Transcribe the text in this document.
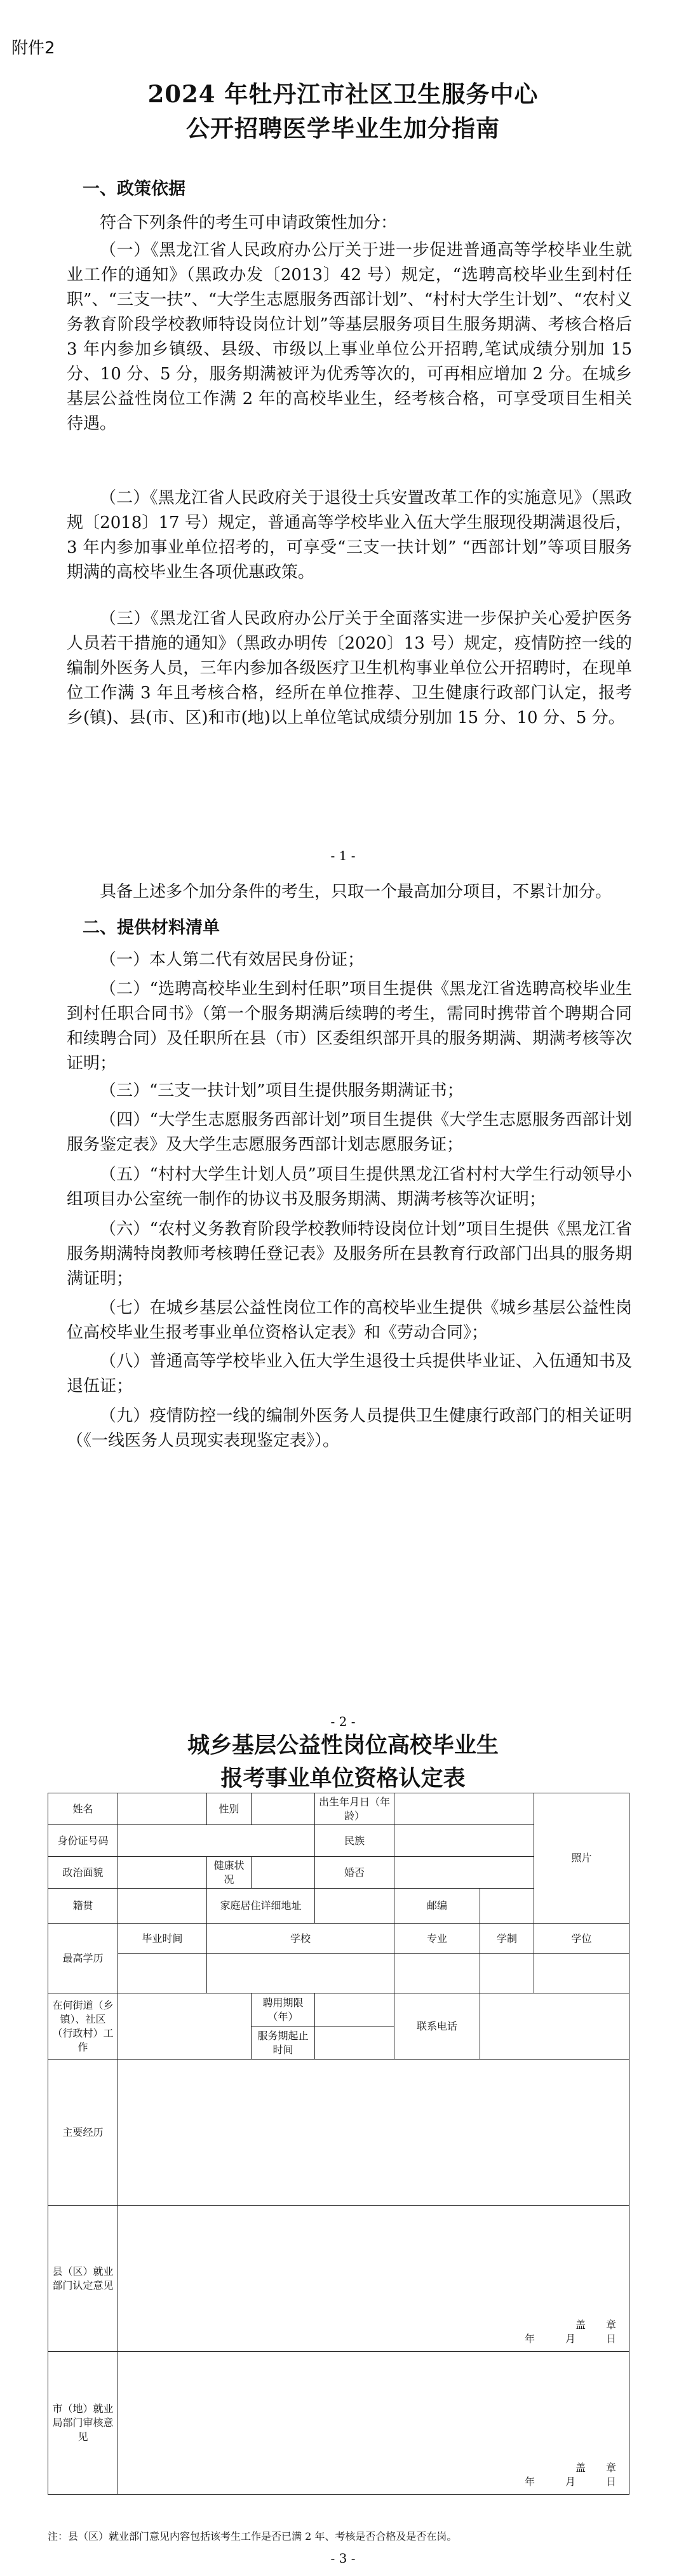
附件2
2024 年牡丹江市社区卫生服务中心
公开招聘医学毕业生加分指南
一、政策依据

符合下列条件的考生可申请政策性加分：

（一）《黑龙江省人民政府办公厅关于进一步促进普通高等学校毕业生就业工作的通知》（黑政办发〔2013〕42 号）规定，“选聘高校毕业生到村任职”、“三支一扶”、“大学生志愿服务西部计划”、“村村大学生计划”、“农村义务教育阶段学校教师特设岗位计划”等基层服务项目生服务期满、考核合格后 3 年内参加乡镇级、县级、市级以上事业单位公开招聘,笔试成绩分别加 15 分、10 分、5 分，服务期满被评为优秀等次的，可再相应增加 2 分。在城乡基层公益性岗位工作满 2 年的高校毕业生，经考核合格，可享受项目生相关待遇。

（二）《黑龙江省人民政府关于退役士兵安置改革工作的实施意见》（黑政规〔2018〕17 号）规定，普通高等学校毕业入伍大学生服现役期满退役后，3 年内参加事业单位招考的，可享受“三支一扶计划” “西部计划”等项目服务期满的高校毕业生各项优惠政策。

（三）《黑龙江省人民政府办公厅关于全面落实进一步保护关心爱护医务人员若干措施的通知》（黑政办明传〔2020〕13 号）规定，疫情防控一线的编制外医务人员，三年内参加各级医疗卫生机构事业单位公开招聘时，在现单位工作满 3 年且考核合格，经所在单位推荐、卫生健康行政部门认定，报考乡(镇)、县(市、区)和市(地)以上单位笔试成绩分别加 15 分、10 分、5 分。

- 1 -

具备上述多个加分条件的考生，只取一个最高加分项目，不累计加分。

二、提供材料清单

（一）本人第二代有效居民身份证；

（二）“选聘高校毕业生到村任职”项目生提供《黑龙江省选聘高校毕业生到村任职合同书》（第一个服务期满后续聘的考生，需同时携带首个聘期合同和续聘合同）及任职所在县（市）区委组织部开具的服务期满、期满考核等次证明；

（三）“三支一扶计划”项目生提供服务期满证书；

（四）“大学生志愿服务西部计划”项目生提供《大学生志愿服务西部计划服务鉴定表》及大学生志愿服务西部计划志愿服务证；

（五）“村村大学生计划人员”项目生提供黑龙江省村村大学生行动领导小组项目办公室统一制作的协议书及服务期满、期满考核等次证明；

（六）“农村义务教育阶段学校教师特设岗位计划”项目生提供《黑龙江省服务期满特岗教师考核聘任登记表》及服务所在县教育行政部门出具的服务期满证明；

（七）在城乡基层公益性岗位工作的高校毕业生提供《城乡基层公益性岗位高校毕业生报考事业单位资格认定表》和《劳动合同》；

（八）普通高等学校毕业入伍大学生退役士兵提供毕业证、入伍通知书及退伍证；

（九）疫情防控一线的编制外医务人员提供卫生健康行政部门的相关证明（《一线医务人员现实表现鉴定表》）。

- 2 -
城乡基层公益性岗位高校毕业生
报考事业单位资格认定表
姓名		性别		出生年月日（年龄）			照片
身份证号码				民族			
政治面貌		健康状况		婚否			
籍贯		家庭居住详细地址			邮编		
最高学历	毕业时间	学校			专业	学制	学位

在何街道（乡镇）、社区（行政村）工作			聘用期限（年）		联系电话		
			服务期起止时间				
主要经历							
县（区）就业部门认定意见	盖　　章
年　　　月　　　日						

市（地）就业局部门审核意见	盖　　章
年　　　月　　　日						
注：县（区）就业部门意见内容包括该考生工作是否已满 2 年、考核是否合格及是否在岗。
- 3 -
